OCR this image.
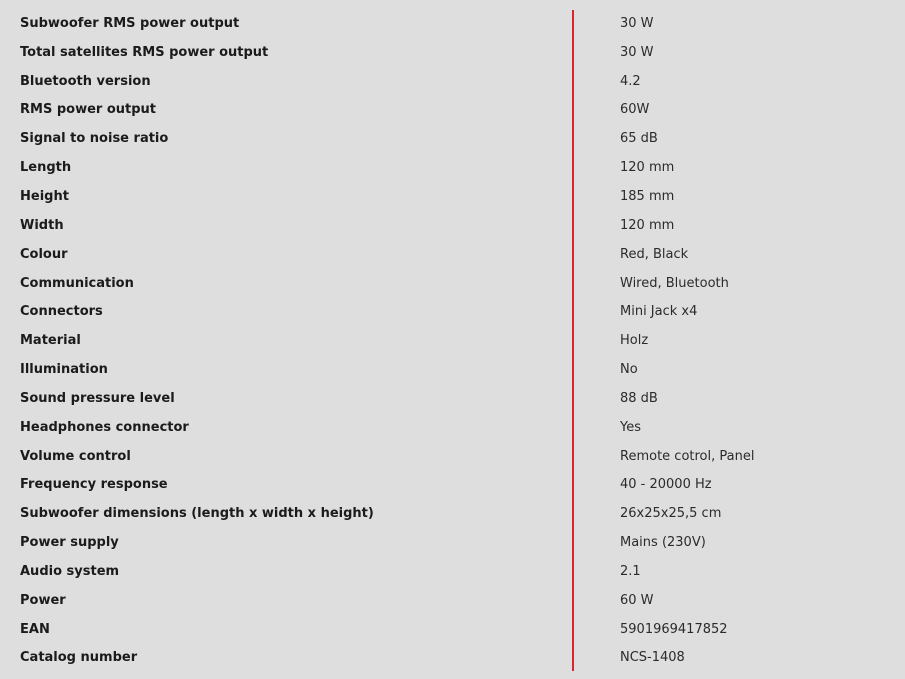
Subwoofer RMS power output	30 W
Total satellites RMS power output	30 W
Bluetooth version	4.2
RMS power output	60W
Signal to noise ratio	65 dB
Length	120 mm
Height	185 mm
Width	120 mm
Colour	Red, Black
Communication	Wired, Bluetooth
Connectors	Mini Jack x4
Material	Holz
Illumination	No
Sound pressure level	88 dB
Headphones connector	Yes
Volume control	Remote cotrol, Panel
Frequency response	40 - 20000 Hz
Subwoofer dimensions (length x width x height)	26x25x25,5 cm
Power supply	Mains (230V)
Audio system	2.1
Power	60 W
EAN	5901969417852
Catalog number	NCS-1408
